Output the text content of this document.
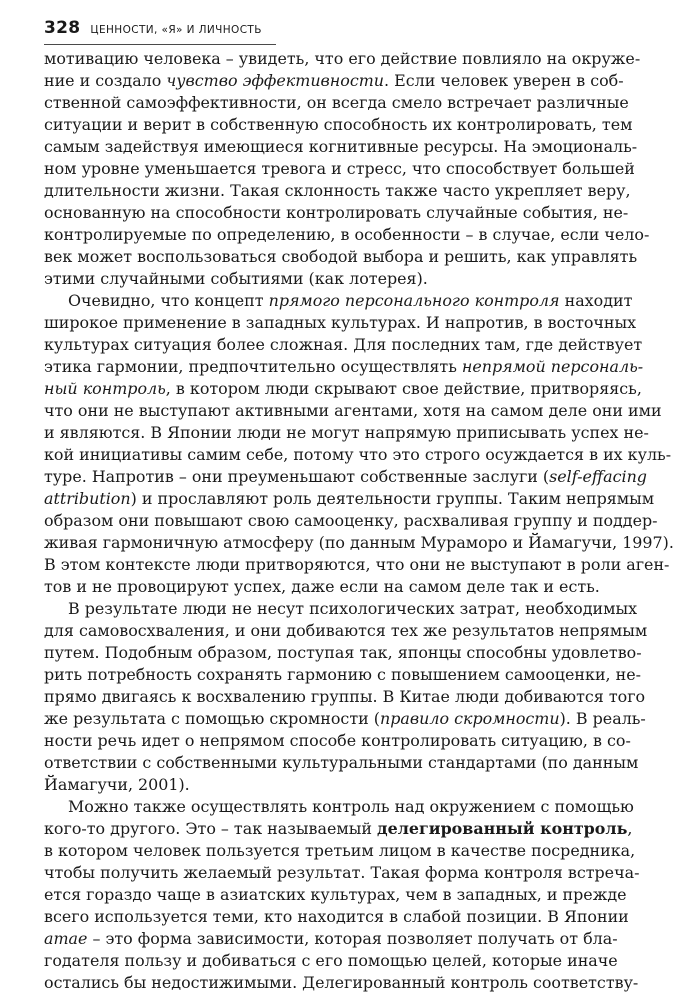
328 ЦЕННОСТИ, «Я» И ЛИЧНОСТЬ
мотивацию человека – увидеть, что его действие повлияло на окруже-
ние и создало чувство эффективности. Если человек уверен в соб-
ственной самоэффективности, он всегда смело встречает различные
ситуации и верит в собственную способность их контролировать, тем
самым задействуя имеющиеся когнитивные ресурсы. На эмоциональ-
ном уровне уменьшается тревога и стресс, что способствует большей
длительности жизни. Такая склонность также часто укрепляет веру,
основанную на способности контролировать случайные события, не-
контролируемые по определению, в особенности – в случае, если чело-
век может воспользоваться свободой выбора и решить, как управлять
этими случайными событиями (как лотерея).
Очевидно, что концепт прямого персонального контроля находит
широкое применение в западных культурах. И напротив, в восточных
культурах ситуация более сложная. Для последних там, где действует
этика гармонии, предпочтительно осуществлять непрямой персональ-
ный контроль, в котором люди скрывают свое действие, притворяясь,
что они не выступают активными агентами, хотя на самом деле они ими
и являются. В Японии люди не могут напрямую приписывать успех не-
кой инициативы самим себе, потому что это строго осуждается в их куль-
туре. Напротив – они преуменьшают собственные заслуги (self-effacing
attribution) и прославляют роль деятельности группы. Таким непрямым
образом они повышают свою самооценку, расхваливая группу и поддер-
живая гармоничную атмосферу (по данным Мураморо и Йамагучи, 1997).
В этом контексте люди притворяются, что они не выступают в роли аген-
тов и не провоцируют успех, даже если на самом деле так и есть.
В результате люди не несут психологических затрат, необходимых
для самовосхваления, и они добиваются тех же результатов непрямым
путем. Подобным образом, поступая так, японцы способны удовлетво-
рить потребность сохранять гармонию с повышением самооценки, не-
прямо двигаясь к восхвалению группы. В Китае люди добиваются того
же результата с помощью скромности (правило скромности). В реаль-
ности речь идет о непрямом способе контролировать ситуацию, в со-
ответствии с собственными культуральными стандартами (по данным
Йамагучи, 2001).
Можно также осуществлять контроль над окружением с помощью
кого-то другого. Это – так называемый делегированный контроль,
в котором человек пользуется третьим лицом в качестве посредника,
чтобы получить желаемый результат. Такая форма контроля встреча-
ется гораздо чаще в азиатских культурах, чем в западных, и прежде
всего используется теми, кто находится в слабой позиции. В Японии
атае – это форма зависимости, которая позволяет получать от бла-
годателя пользу и добиваться с его помощью целей, которые иначе
остались бы недостижимыми. Делегированный контроль соответству-
